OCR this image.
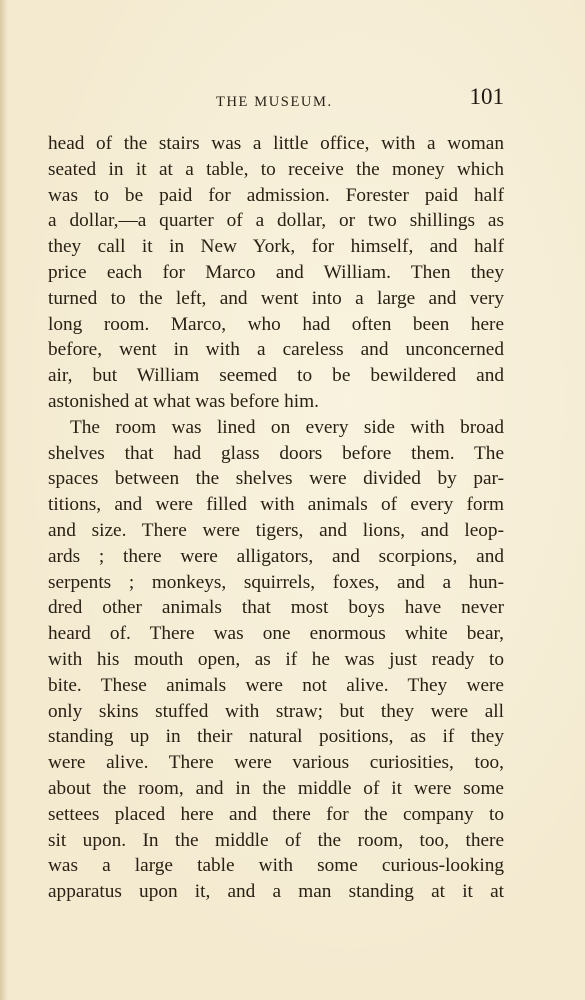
THE MUSEUM.	101
head of the stairs was a little office, with a woman
seated in it at a table, to receive the money which
was to be paid for admission. Forester paid half
a dollar,—a quarter of a dollar, or two shillings as
they call it in New York, for himself, and half
price each for Marco and William. Then they
turned to the left, and went into a large and very
long room. Marco, who had often been here
before, went in with a careless and unconcerned
air, but William seemed to be bewildered and
astonished at what was before him.
The room was lined on every side with broad
shelves that had glass doors before them. The
spaces between the shelves were divided by par-
titions, and were filled with animals of every form
and size. There were tigers, and lions, and leop-
ards ; there were alligators, and scorpions, and
serpents ; monkeys, squirrels, foxes, and a hun-
dred other animals that most boys have never
heard of. There was one enormous white bear,
with his mouth open, as if he was just ready to
bite. These animals were not alive. They were
only skins stuffed with straw; but they were all
standing up in their natural positions, as if they
were alive. There were various curiosities, too,
about the room, and in the middle of it were some
settees placed here and there for the company to
sit upon. In the middle of the room, too, there
was a large table with some curious-looking
apparatus upon it, and a man standing at it at
